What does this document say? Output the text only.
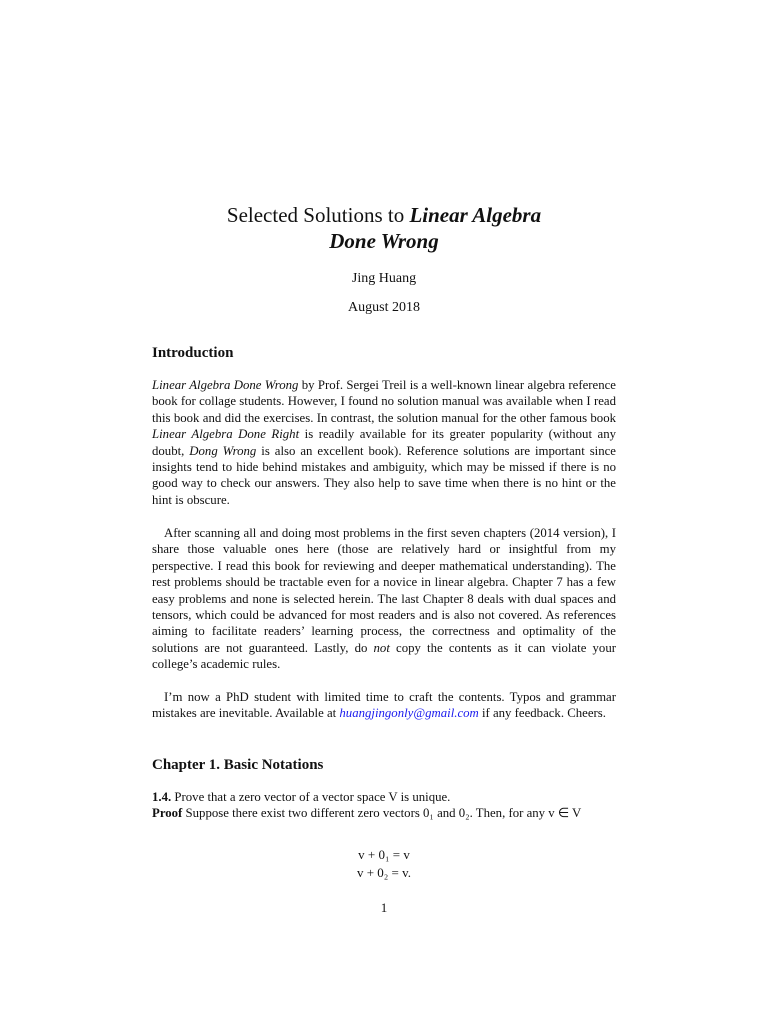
Selected Solutions to Linear Algebra
Done Wrong
Jing Huang
August 2018
Introduction
Linear Algebra Done Wrong by Prof. Sergei Treil is a well-known linear algebra reference book for collage students. However, I found no solution manual was available when I read this book and did the exercises. In contrast, the solution manual for the other famous book Linear Algebra Done Right is readily available for its greater popularity (without any doubt, Dong Wrong is also an excellent book). Reference solutions are important since insights tend to hide behind mistakes and ambiguity, which may be missed if there is no good way to check our answers. They also help to save time when there is no hint or the hint is obscure.
After scanning all and doing most problems in the first seven chapters (2014 version), I share those valuable ones here (those are relatively hard or insightful from my perspective. I read this book for reviewing and deeper mathematical understanding). The rest problems should be tractable even for a novice in linear algebra. Chapter 7 has a few easy problems and none is selected herein. The last Chapter 8 deals with dual spaces and tensors, which could be advanced for most readers and is also not covered. As references aiming to facilitate readers’ learning process, the correctness and optimality of the solutions are not guaranteed. Lastly, do not copy the contents as it can violate your college’s academic rules.
I’m now a PhD student with limited time to craft the contents. Typos and grammar mistakes are inevitable. Available at huangjingonly@gmail.com if any feedback. Cheers.
Chapter 1. Basic Notations
1.4. Prove that a zero vector of a vector space V is unique.
Proof Suppose there exist two different zero vectors 0₁ and 0₂. Then, for any v ∈ V
v + 0₁ = v
v + 0₂ = v.
1
